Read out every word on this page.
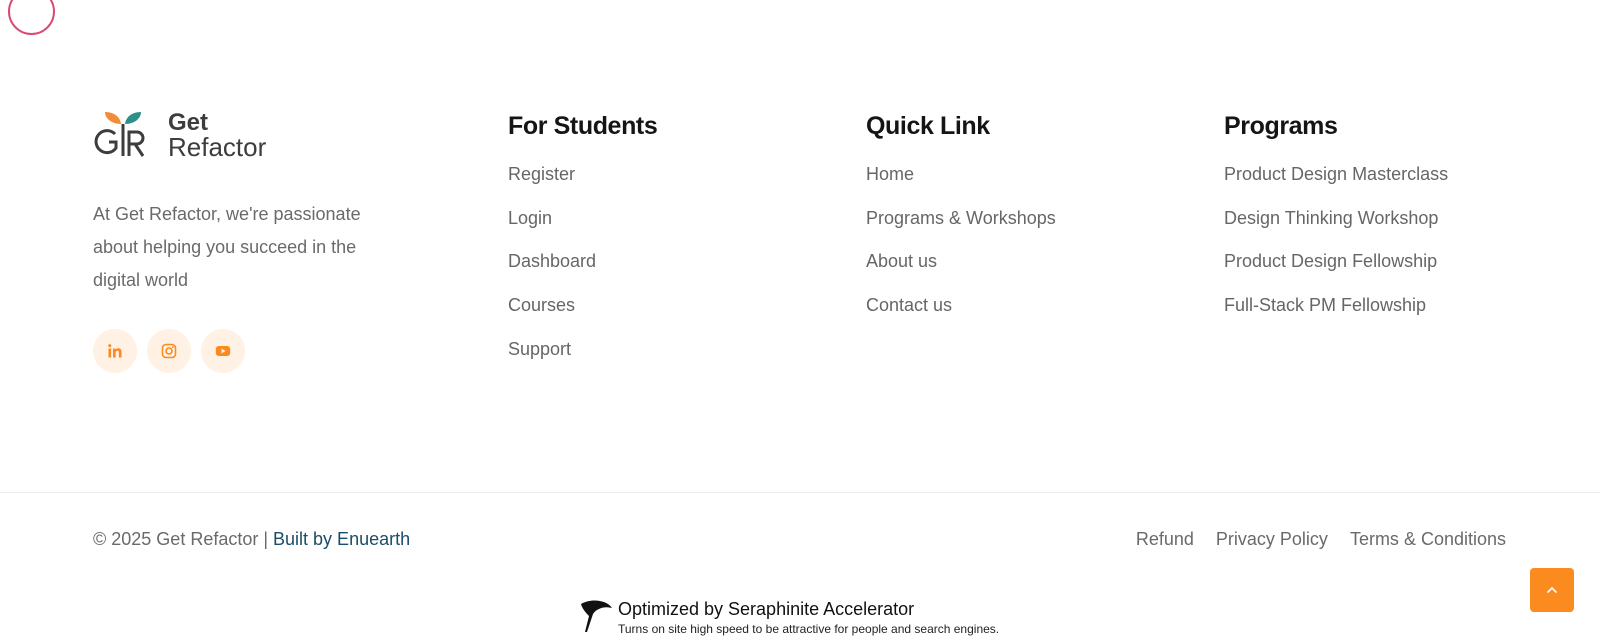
Get
Refactor

At Get Refactor, we're passionate about helping you succeed in the digital world

For Students
Register
Login
Dashboard
Courses
Support
Quick Link
Home
Programs & Workshops
About us
Contact us
Programs
Product Design Masterclass
Design Thinking Workshop
Product Design Fellowship
Full-Stack PM Fellowship
© 2025 Get Refactor | Built by Enuearth	Refund Privacy Policy Terms & Conditions
Optimized by Seraphinite Accelerator
Turns on site high speed to be attractive for people and search engines.
